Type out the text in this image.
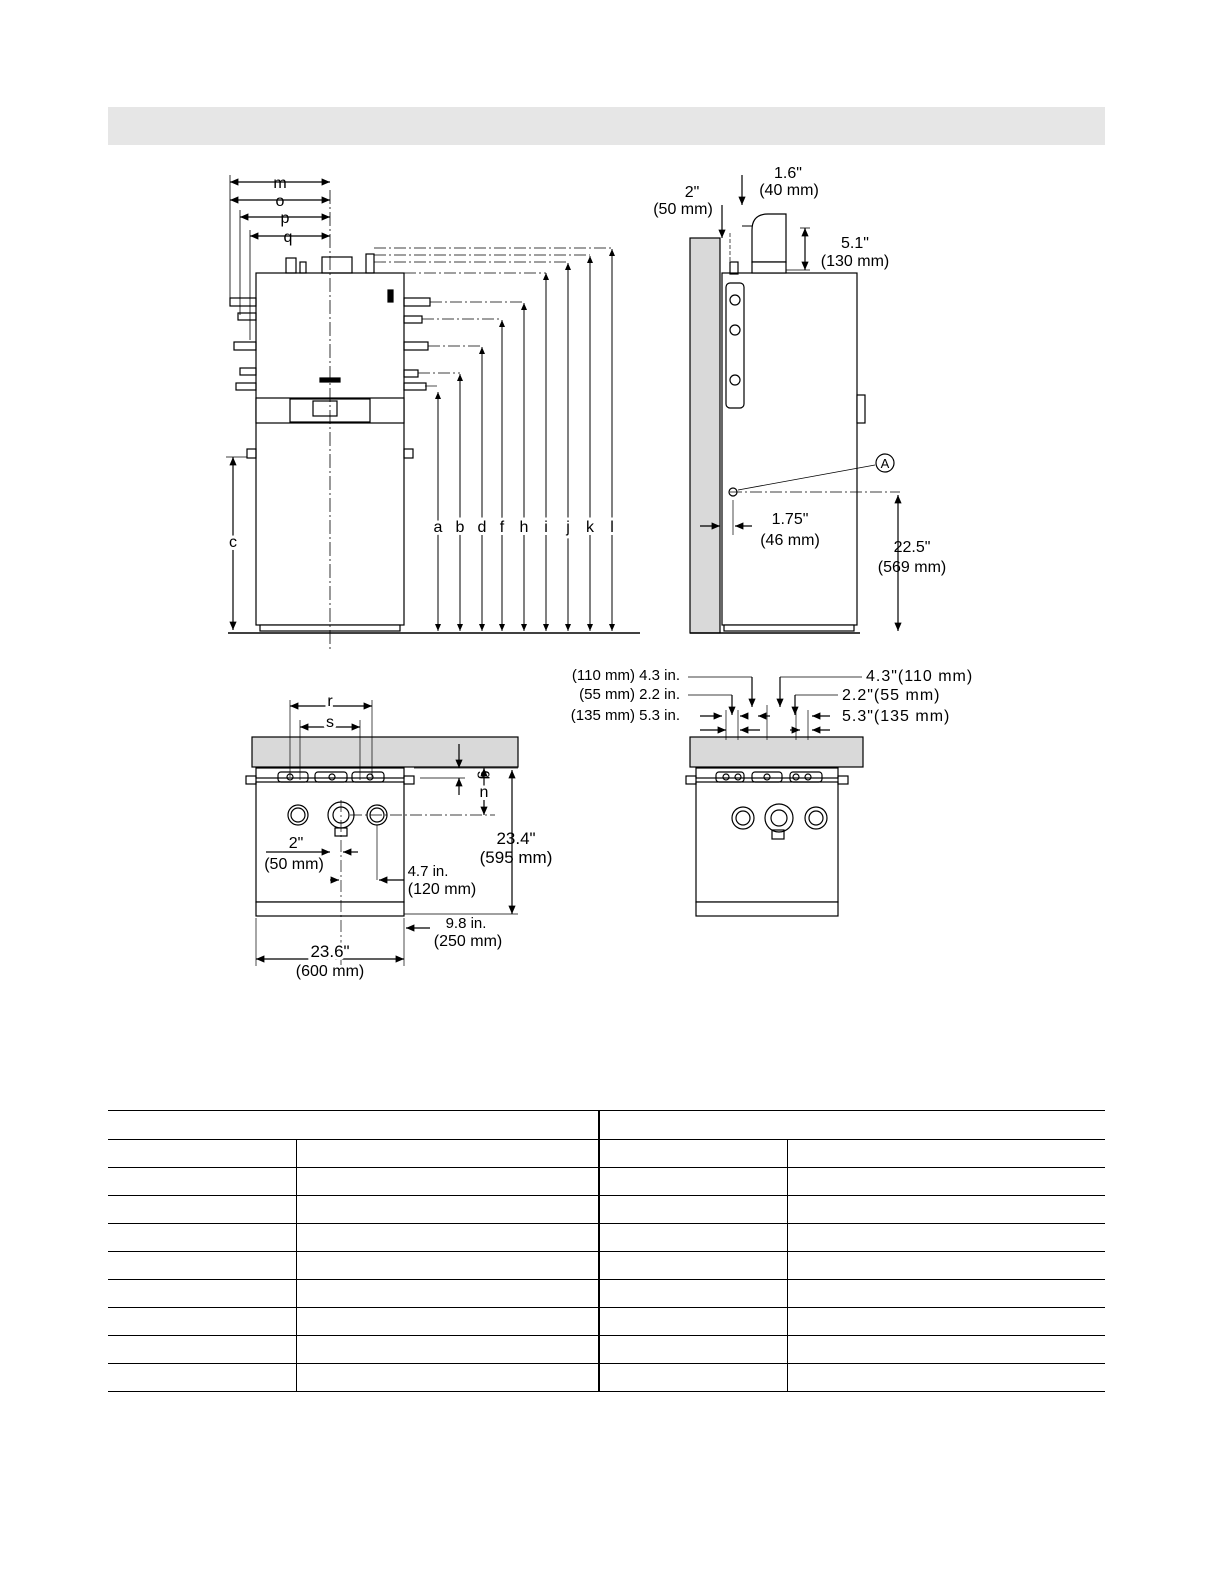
m
o
p
q
c
a b d f h i j k l
2"
(50 mm)
1.6"
(40 mm)
5.1"
(130 mm)
A
1.75"
(46 mm)	22.5"
(569 mm)
r
s
g
n
2"
(50 mm)	4.7 in.
(120 mm)
23.4"
(595 mm)
9.8 in.
(250 mm)
23.6"
(600 mm)
(110 mm) 4.3 in.
(55 mm) 2.2 in.
(135 mm) 5.3 in.
4.3"(110 mm)
2.2"(55 mm)
5.3"(135 mm)
